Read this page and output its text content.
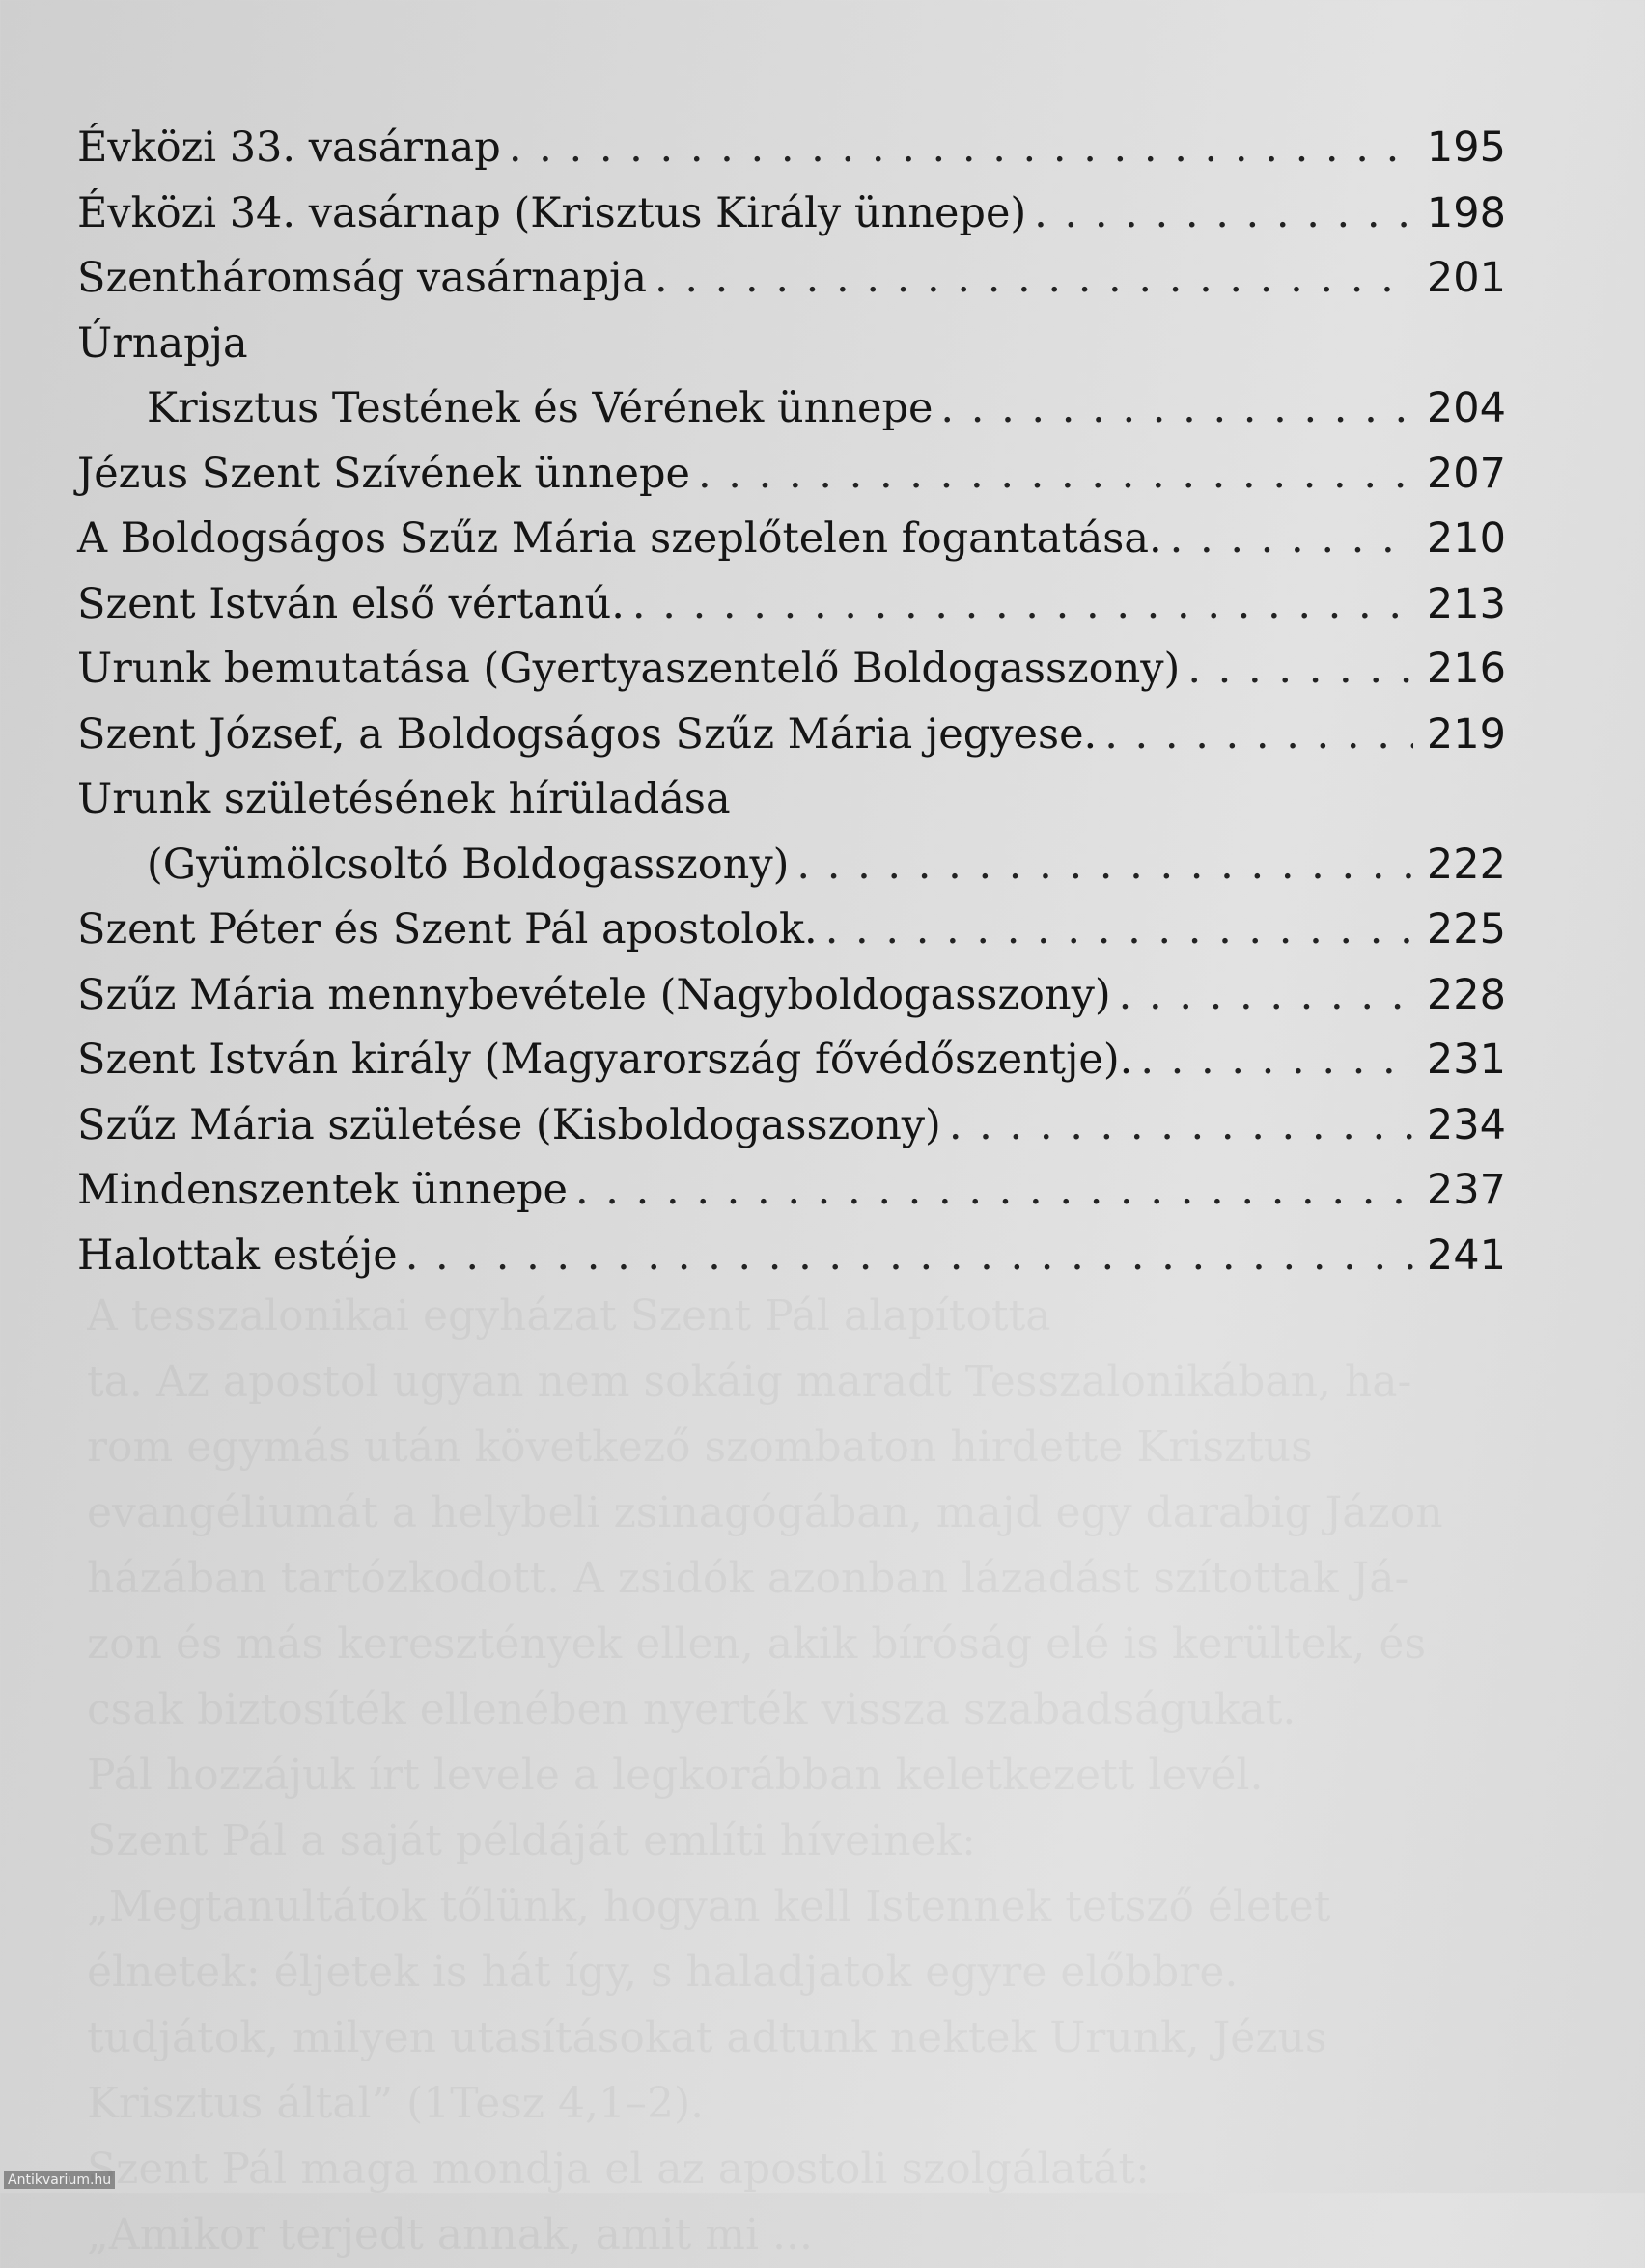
Évközi 33. vasárnap . . .	195
Évközi 34. vasárnap (Krisztus Király ünnepe) . . .	198
Szentháromság vasárnapja . . .	201
Úrnapja
Krisztus Testének és Vérének ünnepe . . .	204
Jézus Szent Szívének ünnepe . . .	207
A Boldogságos Szűz Mária szeplőtelen fogantatása. . . .	210
Szent István első vértanú. . . .	213
Urunk bemutatása (Gyertyaszentelő Boldogasszony) . . .	216
Szent József, a Boldogságos Szűz Mária jegyese. . . .	219
Urunk születésének hírüladása
(Gyümölcsoltó Boldogasszony) . . .	222
Szent Péter és Szent Pál apostolok. . . .	225
Szűz Mária mennybevétele (Nagyboldogasszony) . . .	228
Szent István király (Magyarország fővédőszentje). . . .	231
Szűz Mária születése (Kisboldogasszony) . . .	234
Mindenszentek ünnepe . . .	237
Halottak estéje . . .	241
Antikvarium.hu
